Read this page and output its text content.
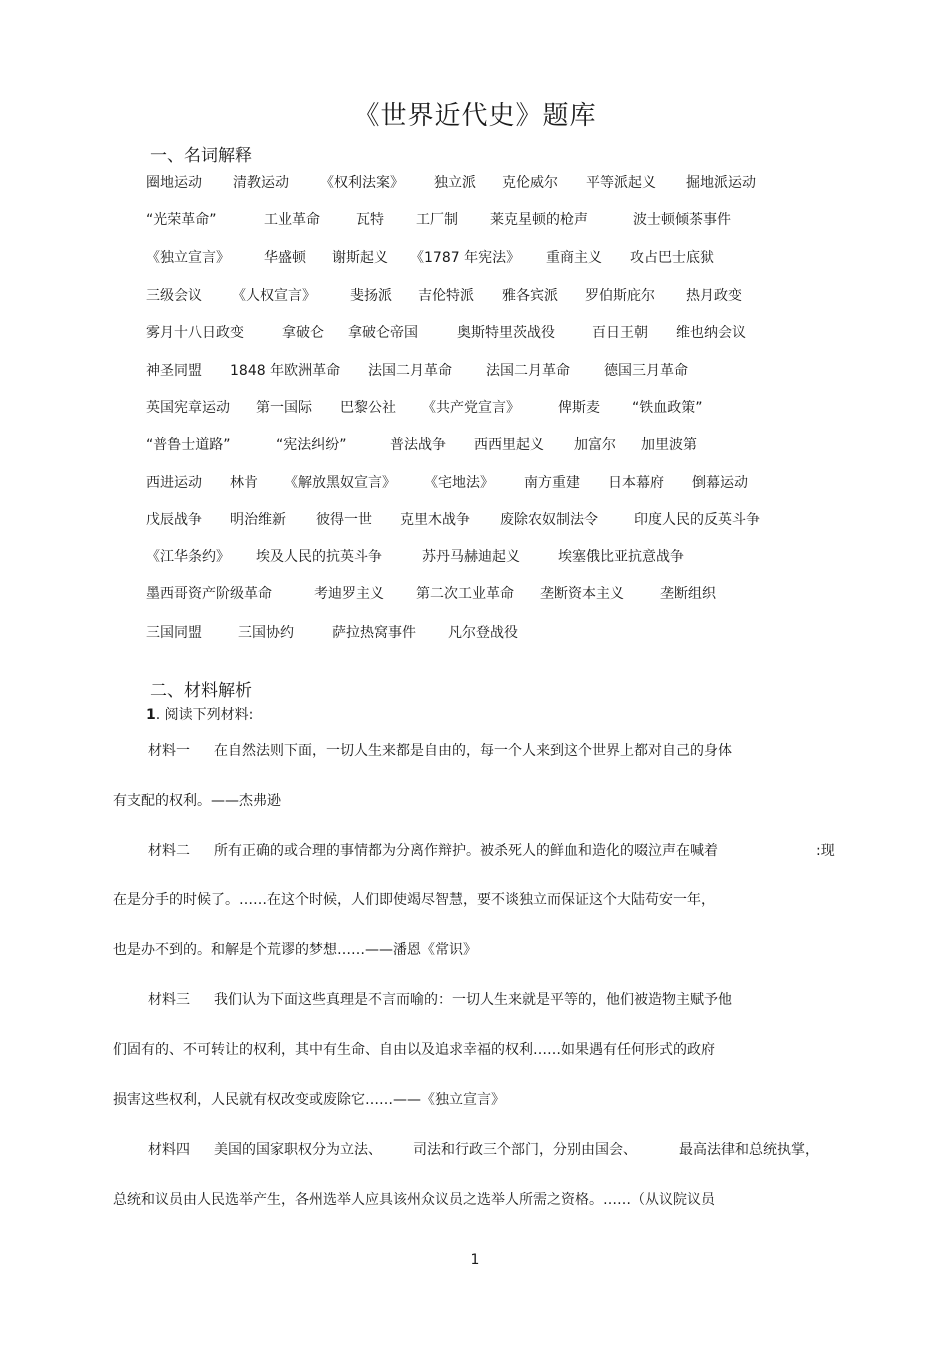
《世界近代史》题库
一、名词解释
圈地运动 清教运动 《权利法案》 独立派 克伦威尔 平等派起义 掘地派运动
“光荣革命”	工业革命	瓦特 工厂制 莱克星顿的枪声	波士顿倾茶事件
《独立宣言》 华盛顿 谢斯起义 《1787 年宪法》 重商主义 攻占巴士底狱
三级会议 《人权宣言》 斐扬派 吉伦特派 雅各宾派 罗伯斯庇尔 热月政变
雾月十八日政变	拿破仑 拿破仑帝国	奥斯特里茨战役	百日王朝 维也纳会议
神圣同盟 1848 年欧洲革命 法国二月革命 法国二月革命 德国三月革命
英国宪章运动 第一国际 巴黎公社 《共产党宣言》	俾斯麦 “铁血政策”
“普鲁士道路”	“宪法纠纷”	普法战争 西西里起义 加富尔 加里波第
西进运动 林肯 《解放黑奴宣言》 《宅地法》 南方重建 日本幕府 倒幕运动
戊辰战争 明治维新 彼得一世 克里木战争 废除农奴制法令	印度人民的反英斗争
《江华条约》 埃及人民的抗英斗争	苏丹马赫迪起义	埃塞俄比亚抗意战争
墨西哥资产阶级革命	考迪罗主义 第二次工业革命 垄断资本主义	垄断组织
三国同盟	三国协约	萨拉热窝事件 凡尔登战役
二、材料解析
1. 阅读下列材料:
材料一 在自然法则下面，一切人生来都是自由的，每一个人来到这个世界上都对自己的身体
有支配的权利。——杰弗逊
材料二 所有正确的或合理的事情都为分离作辩护。被杀死人的鲜血和造化的啜泣声在喊着	:现
在是分手的时候了。……在这个时候，人们即使竭尽智慧，要不谈独立而保证这个大陆苟安一年，
也是办不到的。和解是个荒谬的梦想……——潘恩《常识》
材料三 我们认为下面这些真理是不言而喻的：一切人生来就是平等的，他们被造物主赋予他
们固有的、不可转让的权利，其中有生命、自由以及追求幸福的权利……如果遇有任何形式的政府
损害这些权利，人民就有权改变或废除它……——《独立宣言》
材料四 美国的国家职权分为立法、 司法和行政三个部门，分别由国会、	最高法律和总统执掌，
总统和议员由人民选举产生，各州选举人应具该州众议员之选举人所需之资格。……（从议院议员
1
